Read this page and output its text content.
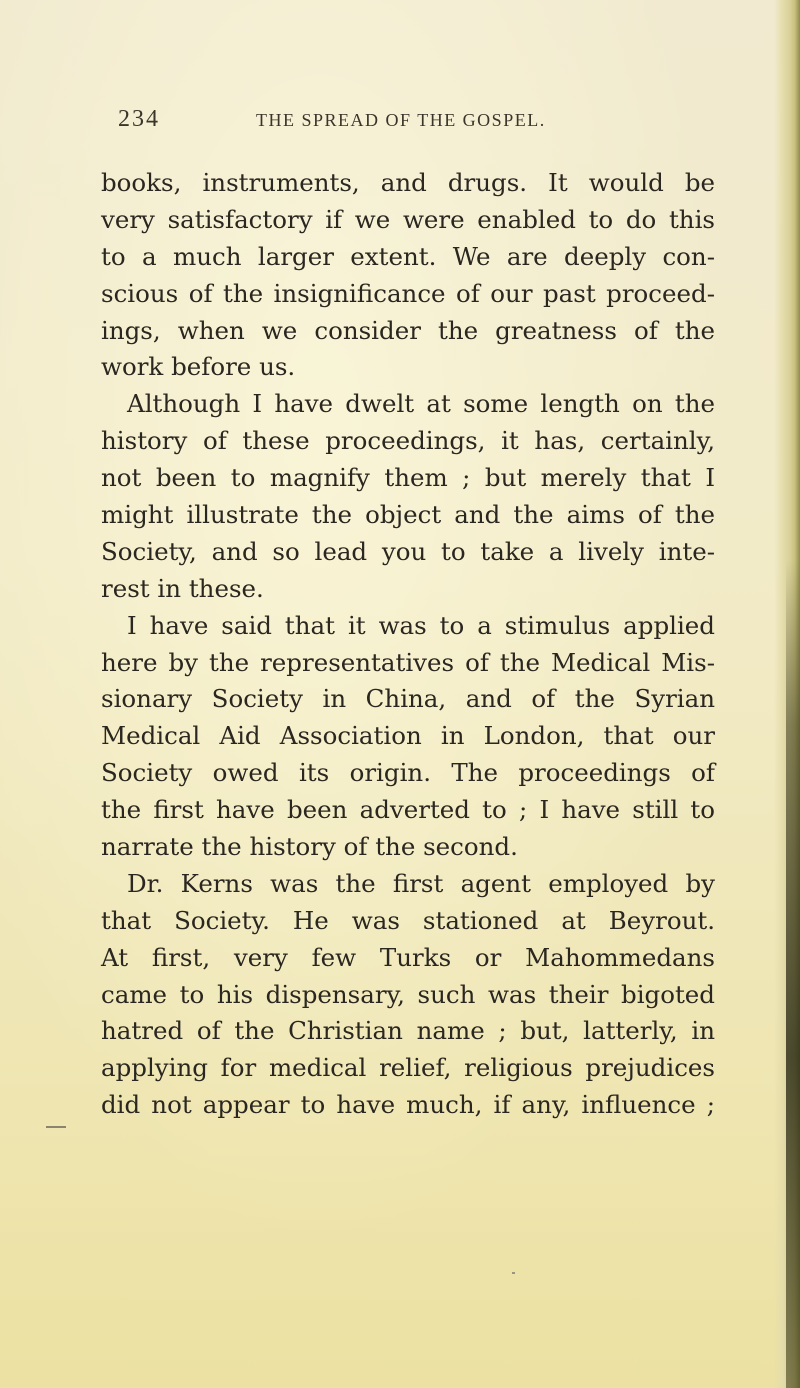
234	THE SPREAD OF THE GOSPEL.
books, instruments, and drugs. It would be
very satisfactory if we were enabled to do this
to a much larger extent. We are deeply con-
scious of the insignificance of our past proceed-
ings, when we consider the greatness of the
work before us.
Although I have dwelt at some length on the
history of these proceedings, it has, certainly,
not been to magnify them ; but merely that I
might illustrate the object and the aims of the
Society, and so lead you to take a lively inte-
rest in these.
I have said that it was to a stimulus applied
here by the representatives of the Medical Mis-
sionary Society in China, and of the Syrian
Medical Aid Association in London, that our
Society owed its origin. The proceedings of
the first have been adverted to ; I have still to
narrate the history of the second.
Dr. Kerns was the first agent employed by
that Society. He was stationed at Beyrout.
At first, very few Turks or Mahommedans
came to his dispensary, such was their bigoted
hatred of the Christian name ; but, latterly, in
applying for medical relief, religious prejudices
did not appear to have much, if any, influence ;
